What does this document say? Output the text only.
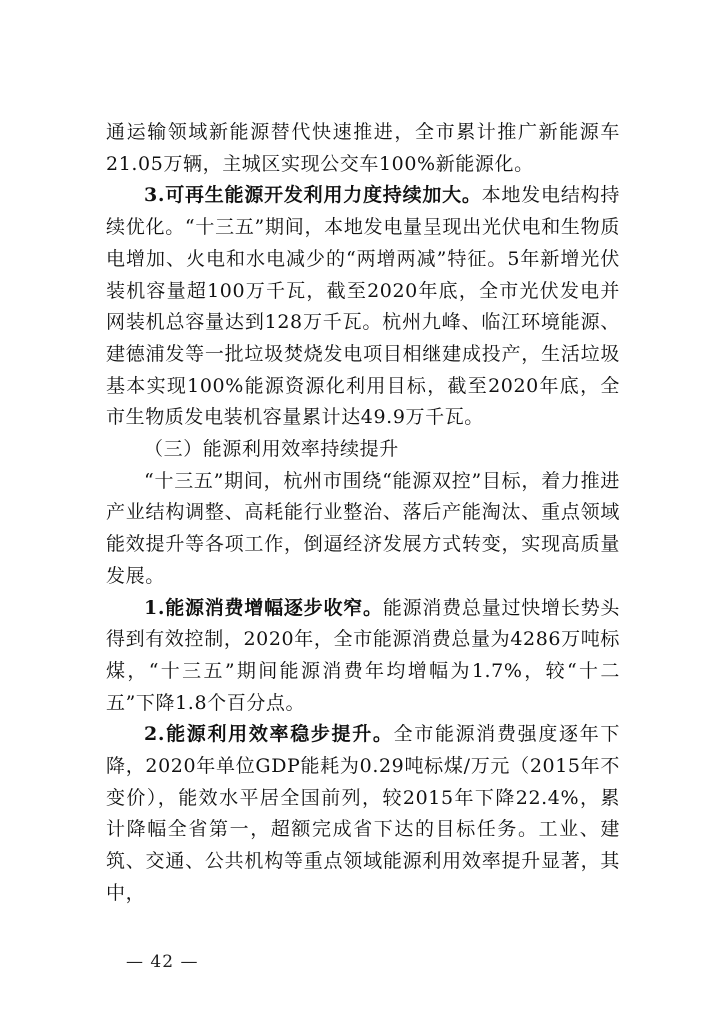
通运输领域新能源替代快速推进，全市累计推广新能源车21.05万辆，主城区实现公交车100%新能源化。

3.可再生能源开发利用力度持续加大。本地发电结构持续优化。“十三五”期间，本地发电量呈现出光伏电和生物质电增加、火电和水电减少的“两增两减”特征。5年新增光伏装机容量超100万千瓦，截至2020年底，全市光伏发电并网装机总容量达到128万千瓦。杭州九峰、临江环境能源、建德浦发等一批垃圾焚烧发电项目相继建成投产，生活垃圾基本实现100%能源资源化利用目标，截至2020年底，全市生物质发电装机容量累计达49.9万千瓦。

（三）能源利用效率持续提升

“十三五”期间，杭州市围绕“能源双控”目标，着力推进产业结构调整、高耗能行业整治、落后产能淘汰、重点领域能效提升等各项工作，倒逼经济发展方式转变，实现高质量发展。

1.能源消费增幅逐步收窄。能源消费总量过快增长势头得到有效控制，2020年，全市能源消费总量为4286万吨标煤，“十三五”期间能源消费年均增幅为1.7%，较“十二五”下降1.8个百分点。

2.能源利用效率稳步提升。全市能源消费强度逐年下降，2020年单位GDP能耗为0.29吨标煤/万元（2015年不变价），能效水平居全国前列，较2015年下降22.4%，累计降幅全省第一，超额完成省下达的目标任务。工业、建筑、交通、公共机构等重点领域能源利用效率提升显著，其中，

— 42 —
